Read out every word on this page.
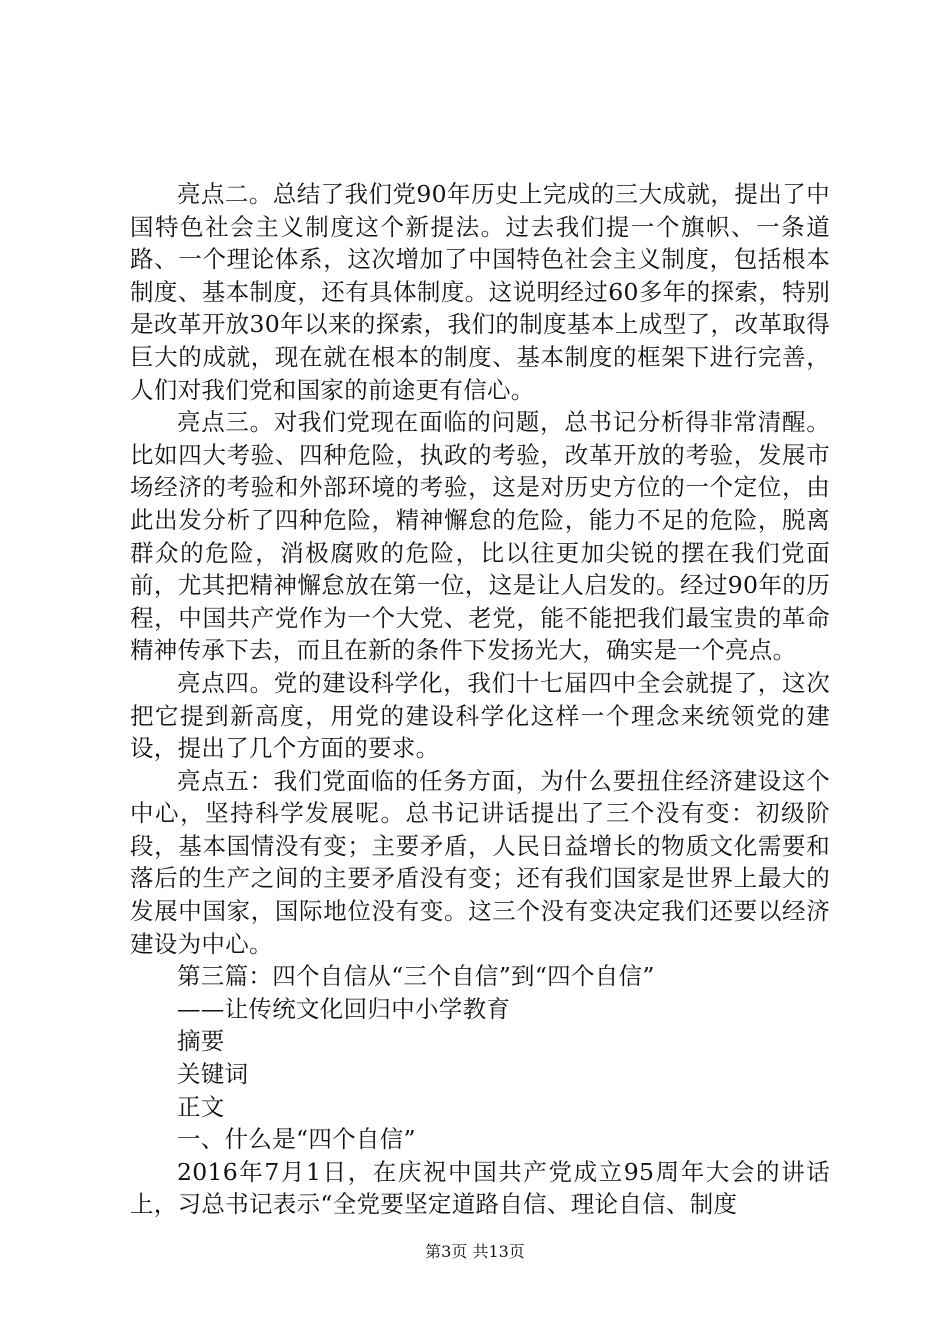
亮点二。总结了我们党90年历史上完成的三大成就，提出了中国特色社会主义制度这个新提法。过去我们提一个旗帜、一条道路、一个理论体系，这次增加了中国特色社会主义制度，包括根本制度、基本制度，还有具体制度。这说明经过60多年的探索，特别是改革开放30年以来的探索，我们的制度基本上成型了，改革取得巨大的成就，现在就在根本的制度、基本制度的框架下进行完善，人们对我们党和国家的前途更有信心。

亮点三。对我们党现在面临的问题，总书记分析得非常清醒。比如四大考验、四种危险，执政的考验，改革开放的考验，发展市场经济的考验和外部环境的考验，这是对历史方位的一个定位，由此出发分析了四种危险，精神懈怠的危险，能力不足的危险，脱离群众的危险，消极腐败的危险，比以往更加尖锐的摆在我们党面前，尤其把精神懈怠放在第一位，这是让人启发的。经过90年的历程，中国共产党作为一个大党、老党，能不能把我们最宝贵的革命精神传承下去，而且在新的条件下发扬光大，确实是一个亮点。

亮点四。党的建设科学化，我们十七届四中全会就提了，这次把它提到新高度，用党的建设科学化这样一个理念来统领党的建设，提出了几个方面的要求。

亮点五：我们党面临的任务方面，为什么要扭住经济建设这个中心，坚持科学发展呢。总书记讲话提出了三个没有变：初级阶段，基本国情没有变；主要矛盾，人民日益增长的物质文化需要和落后的生产之间的主要矛盾没有变；还有我们国家是世界上最大的发展中国家，国际地位没有变。这三个没有变决定我们还要以经济建设为中心。

第三篇：四个自信从“三个自信”到“四个自信”

——让传统文化回归中小学教育

摘要

关键词

正文

一、什么是“四个自信”

2016年7月1日，在庆祝中国共产党成立95周年大会的讲话上，习总书记表示“全党要坚定道路自信、理论自信、制度

第3页 共13页
